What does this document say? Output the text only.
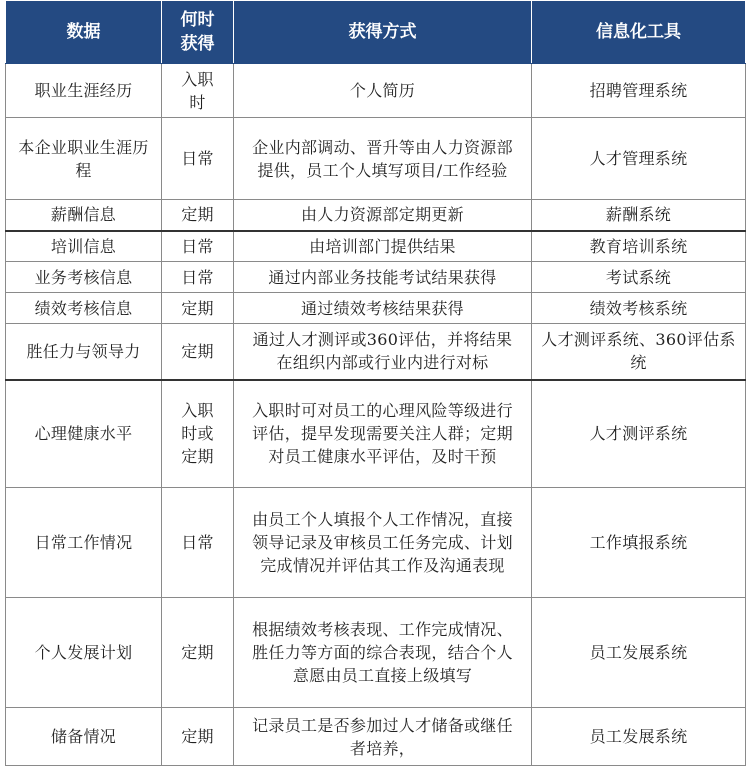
数据	何时获得	获得方式	信息化工具
职业生涯经历	入职时	个人简历	招聘管理系统
本企业职业生涯历程	日常	企业内部调动、晋升等由人力资源部提供，员工个人填写项目/工作经验	人才管理系统
薪酬信息	定期	由人力资源部定期更新	薪酬系统
培训信息	日常	由培训部门提供结果	教育培训系统
业务考核信息	日常	通过内部业务技能考试结果获得	考试系统
绩效考核信息	定期	通过绩效考核结果获得	绩效考核系统
胜任力与领导力	定期	通过人才测评或360评估，并将结果在组织内部或行业内进行对标	人才测评系统、360评估系统
心理健康水平	入职时或定期	入职时可对员工的心理风险等级进行评估，提早发现需要关注人群；定期对员工健康水平评估，及时干预	人才测评系统
日常工作情况	日常	由员工个人填报个人工作情况，直接领导记录及审核员工任务完成、计划完成情况并评估其工作及沟通表现	工作填报系统
个人发展计划	定期	根据绩效考核表现、工作完成情况、胜任力等方面的综合表现，结合个人意愿由员工直接上级填写	员工发展系统
储备情况	定期	记录员工是否参加过人才储备或继任者培养，	员工发展系统
